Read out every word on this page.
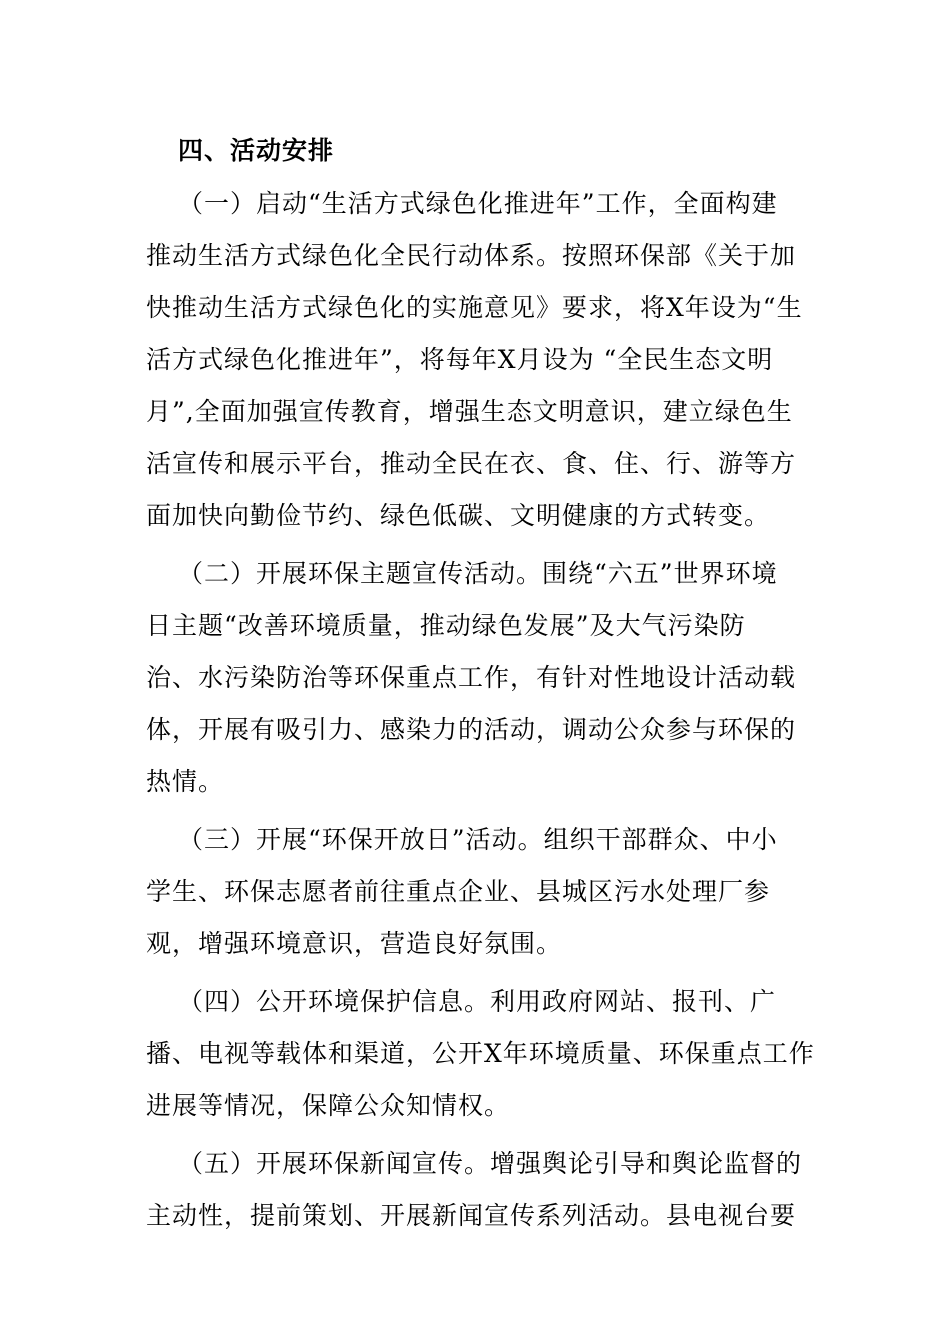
四、活动安排
（一）启动“生活方式绿色化推进年”工作，全面构建
推动生活方式绿色化全民行动体系。按照环保部《关于加
快推动生活方式绿色化的实施意见》要求，将X年设为“生
活方式绿色化推进年”，将每年X月设为 “全民生态文明
月”,全面加强宣传教育，增强生态文明意识，建立绿色生
活宣传和展示平台，推动全民在衣、食、住、行、游等方
面加快向勤俭节约、绿色低碳、文明健康的方式转变。
（二）开展环保主题宣传活动。围绕“六五”世界环境
日主题“改善环境质量，推动绿色发展”及大气污染防
治、水污染防治等环保重点工作，有针对性地设计活动载
体，开展有吸引力、感染力的活动，调动公众参与环保的
热情。
（三）开展“环保开放日”活动。组织干部群众、中小
学生、环保志愿者前往重点企业、县城区污水处理厂参
观，增强环境意识，营造良好氛围。
（四）公开环境保护信息。利用政府网站、报刊、广
播、电视等载体和渠道，公开X年环境质量、环保重点工作
进展等情况，保障公众知情权。
（五）开展环保新闻宣传。增强舆论引导和舆论监督的
主动性，提前策划、开展新闻宣传系列活动。县电视台要
